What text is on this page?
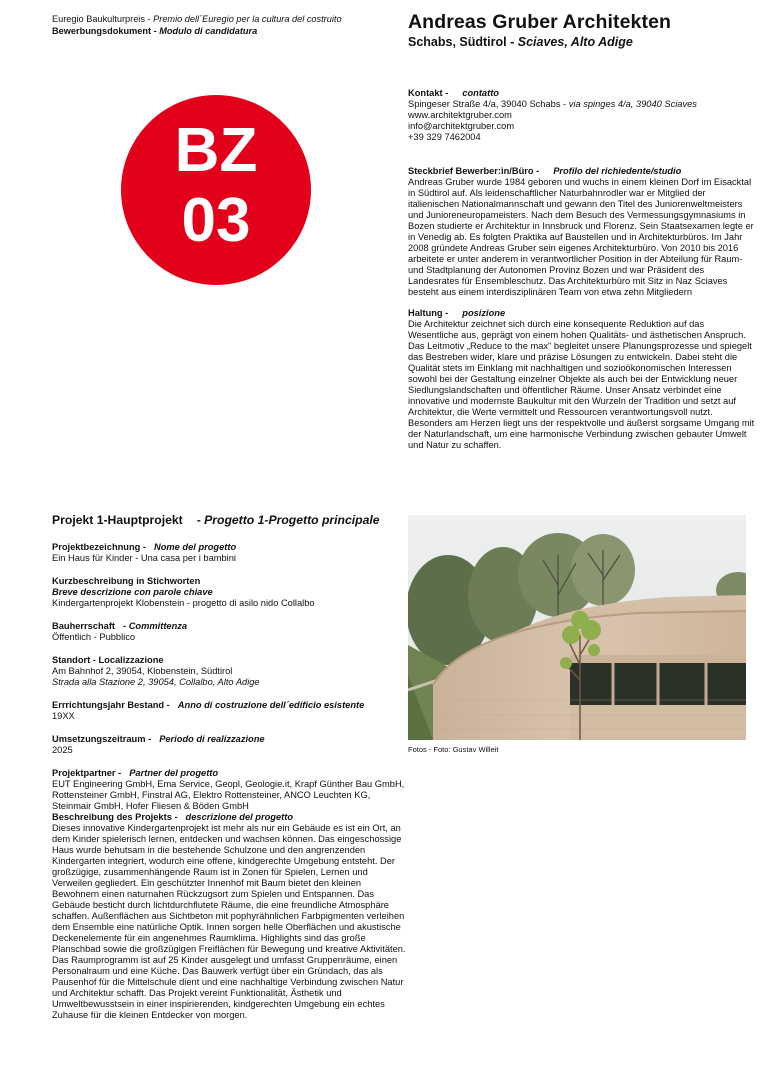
Euregio Baukulturpreis - Premio dell´Euregio per la cultura del costruito
Bewerbungsdokument - Modulo di candidatura	Andreas Gruber Architekten
Schabs, Südtirol - Sciaves, Alto Adige
BZ
03
Kontakt - contatto
Spingeser Straße 4/a, 39040 Schabs - via spinges 4/a, 39040 Sciaves
www.architektgruber.com
info@architektgruber.com
+39 329 7462004
Steckbrief Bewerber:in/Büro - Profilo del richiedente/studio
Andreas Gruber wurde 1984 geboren und wuchs in einem kleinen Dorf im Eisacktal
in Südtirol auf. Als leidenschaftlicher Naturbahnrodler war er Mitglied der
italienischen Nationalmannschaft und gewann den Titel des Juniorenweltmeisters
und Junioreneuropameisters. Nach dem Besuch des Vermessungsgymnasiums in
Bozen studierte er Architektur in Innsbruck und Florenz. Sein Staatsexamen legte er
in Venedig ab. Es folgten Praktika auf Baustellen und in Architekturbüros. Im Jahr
2008 gründete Andreas Gruber sein eigenes Architekturbüro. Von 2010 bis 2016
arbeitete er unter anderem in verantwortlicher Position in der Abteilung für Raum-
und Stadtplanung der Autonomen Provinz Bozen und war Präsident des
Landesrates für Ensembleschutz. Das Architekturbüro mit Sitz in Naz Sciaves
besteht aus einem interdisziplinären Team von etwa zehn Mitgliedern
Haltung - posizione
Die Architektur zeichnet sich durch eine konsequente Reduktion auf das
Wesentliche aus, geprägt von einem hohen Qualitäts- und ästhetischen Anspruch.
Das Leitmotiv „Reduce to the max" begleitet unsere Planungsprozesse und spiegelt
das Bestreben wider, klare und präzise Lösungen zu entwickeln. Dabei steht die
Qualität stets im Einklang mit nachhaltigen und sozioökonomischen Interessen
sowohl bei der Gestaltung einzelner Objekte als auch bei der Entwicklung neuer
Siedlungslandschaften und öffentlicher Räume. Unser Ansatz verbindet eine
innovative und modernste Baukultur mit den Wurzeln der Tradition und setzt auf
Architektur, die Werte vermittelt und Ressourcen verantwortungsvoll nutzt.
Besonders am Herzen liegt uns der respektvolle und äußerst sorgsame Umgang mit
der Naturlandschaft, um eine harmonische Verbindung zwischen gebauter Umwelt
und Natur zu schaffen.
Projekt 1-Hauptprojekt - Progetto 1-Progetto principale
Projektbezeichnung - Nome del progetto
Ein Haus für Kinder - Una casa per i bambini
Kurzbeschreibung in Stichworten
Breve descrizione con parole chiave
Kindergartenprojekt Klobenstein - progetto di asilo nido Collalbo
Bauherrschaft - Committenza
Öffentlich - Pubblico
Standort - Localizzazione
Am Bahnhof 2, 39054, Klobenstein, Südtirol
Strada alla Stazione 2, 39054, Collalbo, Alto Adige
Errrichtungsjahr Bestand - Anno di costruzione dell´edificio esistente
19XX
Umsetzungszeitraum - Periodo di realizzazione
2025
Projektpartner - Partner del progetto
EUT Engineering GmbH, Ema Service, Geopl, Geologie.it, Krapf Günther Bau GmbH,
Rottensteiner GmbH, Finstral AG, Elektro Rottensteiner, ANCO Leuchten KG,
Steinmair GmbH, Hofer Fliesen & Böden GmbH
Beschreibung des Projekts - descrizione del progetto
Dieses innovative Kindergartenprojekt ist mehr als nur ein Gebäude es ist ein Ort, an
dem Kinder spielerisch lernen, entdecken und wachsen können. Das eingeschossige
Haus wurde behutsam in die bestehende Schulzone und den angrenzenden
Kindergarten integriert, wodurch eine offene, kindgerechte Umgebung entsteht. Der
großzügige, zusammenhängende Raum ist in Zonen für Spielen, Lernen und
Verweilen gegliedert. Ein geschützter Innenhof mit Baum bietet den kleinen
Bewohnern einen naturnahen Rückzugsort zum Spielen und Entspannen. Das
Gebäude besticht durch lichtdurchflutete Räume, die eine freundliche Atmosphäre
schaffen. Außenflächen aus Sichtbeton mit pophyrähnlichen Farbpigmenten verleihen
dem Ensemble eine natürliche Optik. Innen sorgen helle Oberflächen und akustische
Deckenelemente für ein angenehmes Raumklima. Highlights sind das große
Planschbad sowie die großzügigen Freiflächen für Bewegung und kreative Aktivitäten.
Das Raumprogramm ist auf 25 Kinder ausgelegt und umfasst Gruppenräume, einen
Personalraum und eine Küche. Das Bauwerk verfügt über ein Gründach, das als
Pausenhof für die Mittelschule dient und eine nachhaltige Verbindung zwischen Natur
und Architektur schafft. Das Projekt vereint Funktionalität, Ästhetik und
Umweltbewusstsein in einer inspirierenden, kindgerechten Umgebung ein echtes
Zuhause für die kleinen Entdecker von morgen.
Fotos - Foto: Gustav Willeit
